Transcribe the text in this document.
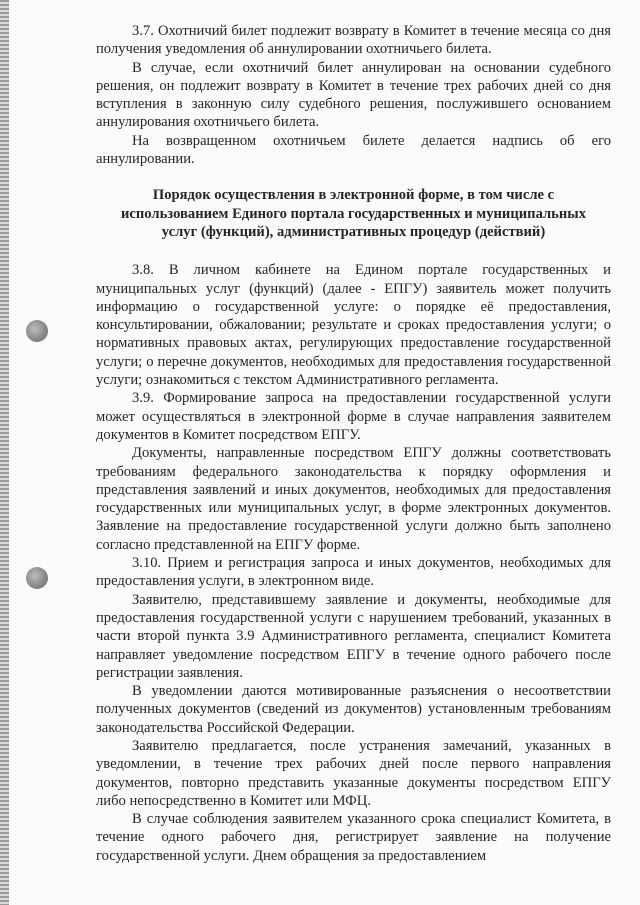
3.7. Охотничий билет подлежит возврату в Комитет в течение месяца со дня получения уведомления об аннулировании охотничьего билета.

В случае, если охотничий билет аннулирован на основании судебного решения, он подлежит возврату в Комитет в течение трех рабочих дней со дня вступления в законную силу судебного решения, послужившего основанием аннулирования охотничьего билета.

На возвращенном охотничьем билете делается надпись об его аннулировании.

Порядок осуществления в электронной форме, в том числе с использованием Единого портала государственных и муниципальных услуг (функций), административных процедур (действий)

3.8. В личном кабинете на Едином портале государственных и муниципальных услуг (функций) (далее - ЕПГУ) заявитель может получить информацию о государственной услуге: о порядке её предоставления, консультировании, обжаловании; результате и сроках предоставления услуги; о нормативных правовых актах, регулирующих предоставление государственной услуги; о перечне документов, необходимых для предоставления государственной услуги; ознакомиться с текстом Административного регламента.

3.9. Формирование запроса на предоставлении государственной услуги может осуществляться в электронной форме в случае направления заявителем документов в Комитет посредством ЕПГУ.

Документы, направленные посредством ЕПГУ должны соответствовать требованиям федерального законодательства к порядку оформления и представления заявлений и иных документов, необходимых для предоставления государственных или муниципальных услуг, в форме электронных документов. Заявление на предоставление государственной услуги должно быть заполнено согласно представленной на ЕПГУ форме.

3.10. Прием и регистрация запроса и иных документов, необходимых для предоставления услуги, в электронном виде.

Заявителю, представившему заявление и документы, необходимые для предоставления государственной услуги с нарушением требований, указанных в части второй пункта 3.9 Административного регламента, специалист Комитета направляет уведомление посредством ЕПГУ в течение одного рабочего после регистрации заявления.

В уведомлении даются мотивированные разъяснения о несоответствии полученных документов (сведений из документов) установленным требованиям законодательства Российской Федерации.

Заявителю предлагается, после устранения замечаний, указанных в уведомлении, в течение трех рабочих дней после первого направления документов, повторно представить указанные документы посредством ЕПГУ либо непосредственно в Комитет или МФЦ.

В случае соблюдения заявителем указанного срока специалист Комитета, в течение одного рабочего дня, регистрирует заявление на получение государственной услуги. Днем обращения за предоставлением
